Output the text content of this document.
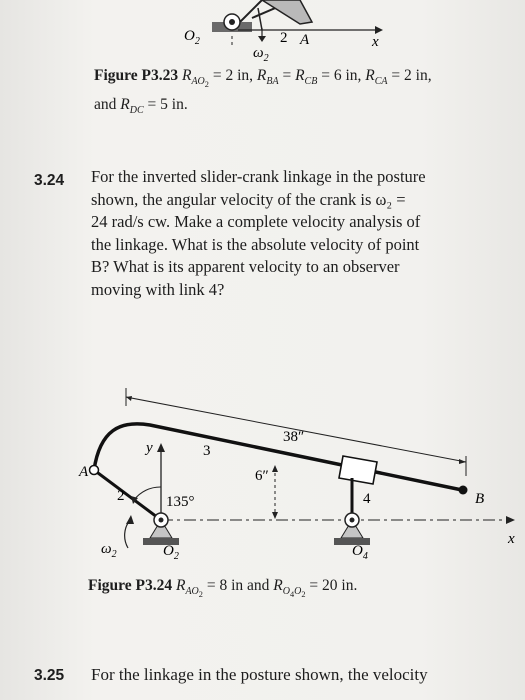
$O_2$
$\omega_2$
2 A	x
Figure P3.23 $R_{AO_2} = 2$ in, $R_{BA} = R_{CB} = 6$ in, $R_{CA} = 2$ in,
and $R_{DC} = 5$ in.
3.24 For the inverted slider-crank linkage in the posture
shown, the angular velocity of the crank is ω₂ =
24 rad/s cw. Make a complete velocity analysis of
the linkage. What is the absolute velocity of point
B? What is its apparent velocity to an observer
moving with link 4?
38″
y	3
A	6″
2	135°	4	B
x
$\omega_2$	$O_2$	$O_4$
Figure P3.24 $R_{AO_2} = 8$ in and $R_{O_4O_2} = 20$ in.
3.25 For the linkage in the posture shown, the velocity
